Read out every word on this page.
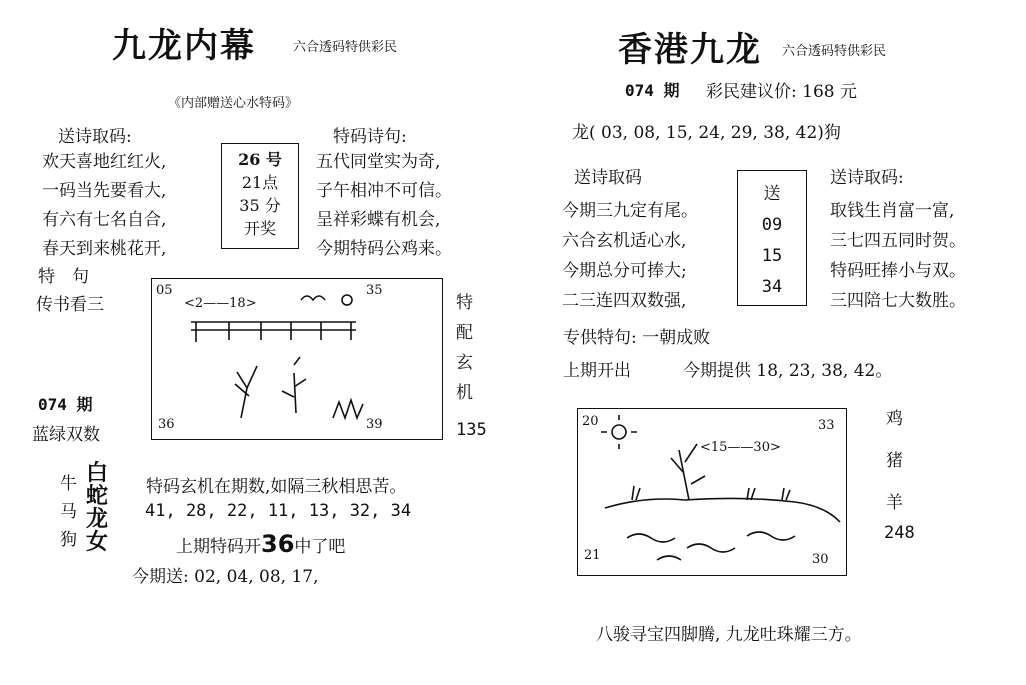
九龙内幕	六合透码特供彩民
《内部赠送心水特码》
送诗取码:
欢天喜地红红火,
一码当先要看大,
有六有七名自合,
春天到来桃花开,
26 号
21点
35 分
开奖
特码诗句:
五代同堂实为奇,
子午相冲不可信。
呈祥彩蝶有机会,
今期特码公鸡来。
特　句
传书看三
074 期
蓝绿双数
05	35
36	39
<2——18>	特
配
玄
机
135
牛
马
狗
白
蛇
龙
女
特码玄机在期数,如隔三秋相思苦。
41, 28, 22, 11, 13, 32, 34
上期特码开36中了吧
今期送: 02, 04, 08, 17,
香港九龙 六合透码特供彩民
074 期 彩民建议价: 168 元
龙( 03, 08, 15, 24, 29, 38, 42)狗
送诗取码
今期三九定有尾。
六合玄机适心水,
今期总分可捧大;
二三连四双数强,
送
09
15
34
送诗取码:
取钱生肖富一富,
三七四五同时贺。
特码旺捧小与双。
三四陪七大数胜。
专供特句: 一朝成败
上期开出	今期提供 18, 23, 38, 42。
20	33
21	30
<15——30>
鸡
猪
羊
248
八骏寻宝四脚腾, 九龙吐珠耀三方。
